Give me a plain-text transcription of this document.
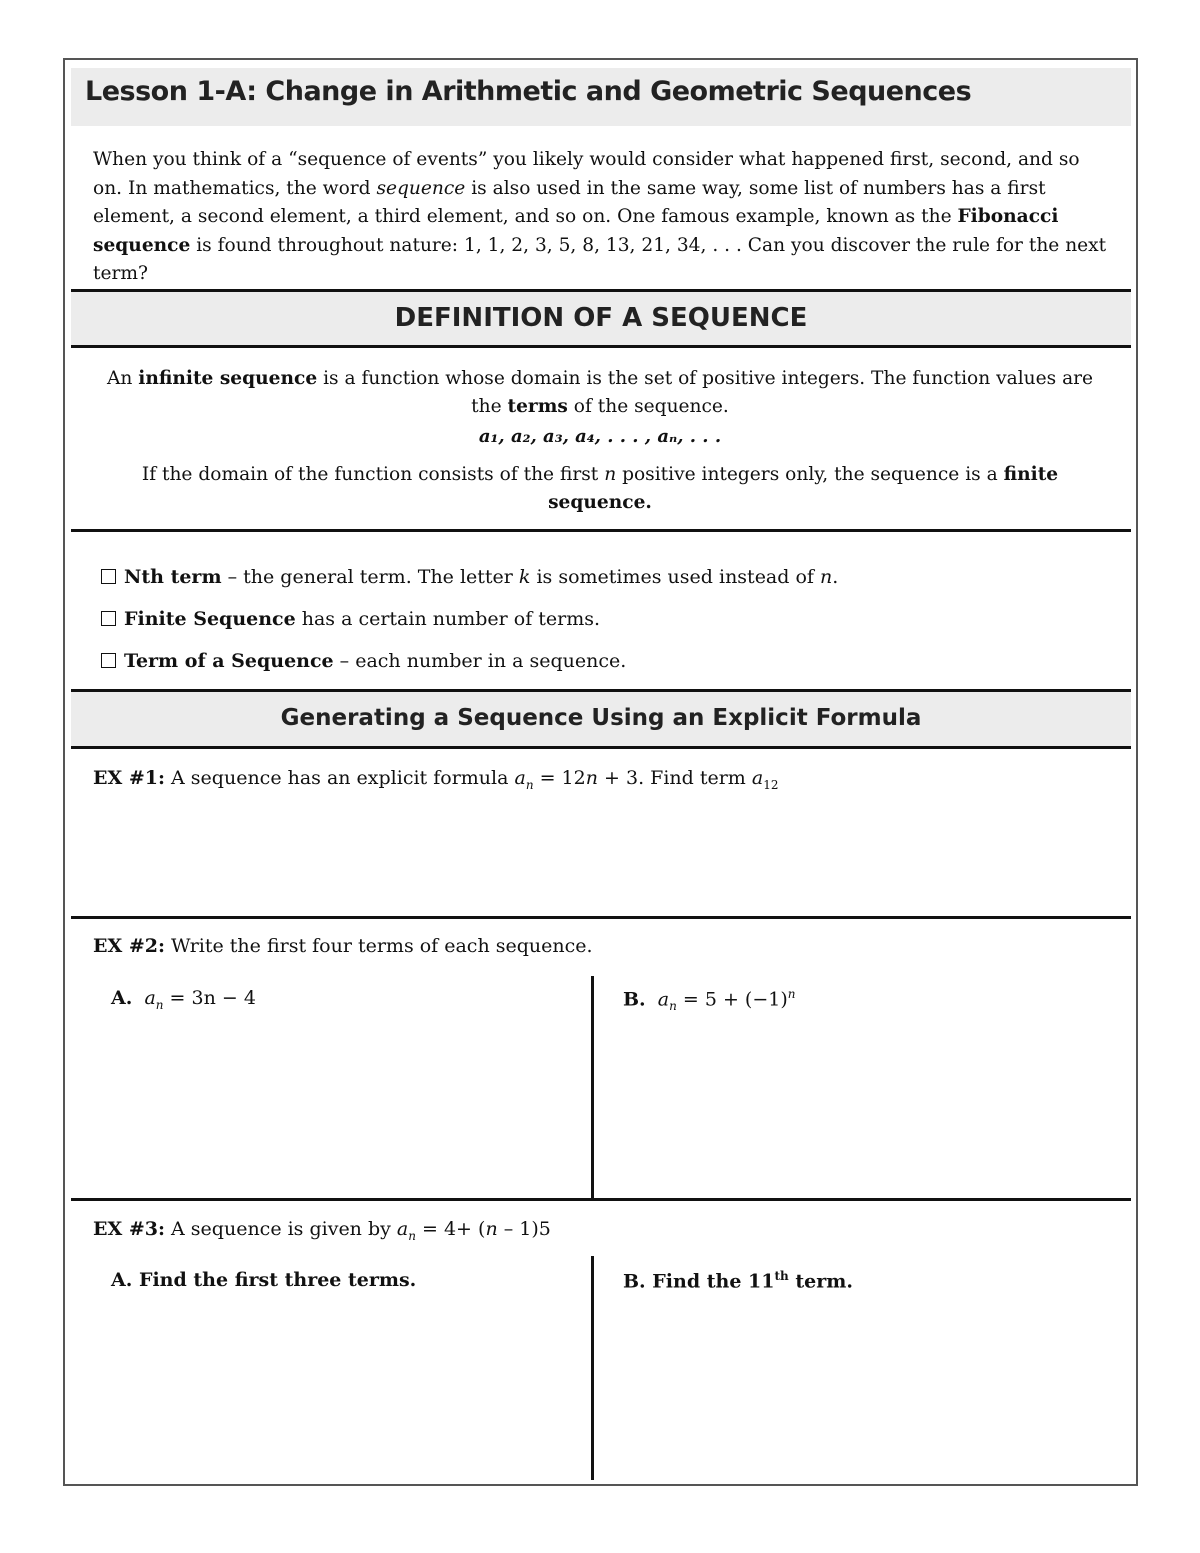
Lesson 1-A: Change in Arithmetic and Geometric Sequences
When you think of a “sequence of events” you likely would consider what happened first, second, and so on. In mathematics, the word sequence is also used in the same way, some list of numbers has a first element, a second element, a third element, and so on. One famous example, known as the Fibonacci sequence is found throughout nature: 1, 1, 2, 3, 5, 8, 13, 21, 34, . . . Can you discover the rule for the next term?
DEFINITION OF A SEQUENCE
An infinite sequence is a function whose domain is the set of positive integers. The function values are the terms of the sequence.
a₁, a₂, a₃, a₄, . . . , aₙ, . . .
If the domain of the function consists of the first n positive integers only, the sequence is a finite sequence.
Nth term – the general term. The letter k is sometimes used instead of n.
Finite Sequence has a certain number of terms.
Term of a Sequence – each number in a sequence.
Generating a Sequence Using an Explicit Formula
EX #1: A sequence has an explicit formula $a_n = 12n + 3$. Find term $a_{12}$
EX #2: Write the first four terms of each sequence.
A. $a_n = 3n - 4$	B. $a_n = 5 + (-1)^n$
EX #3: A sequence is given by $a_n = 4+ (n - 1)5$
A. Find the first three terms.	B. Find the 11th term.
